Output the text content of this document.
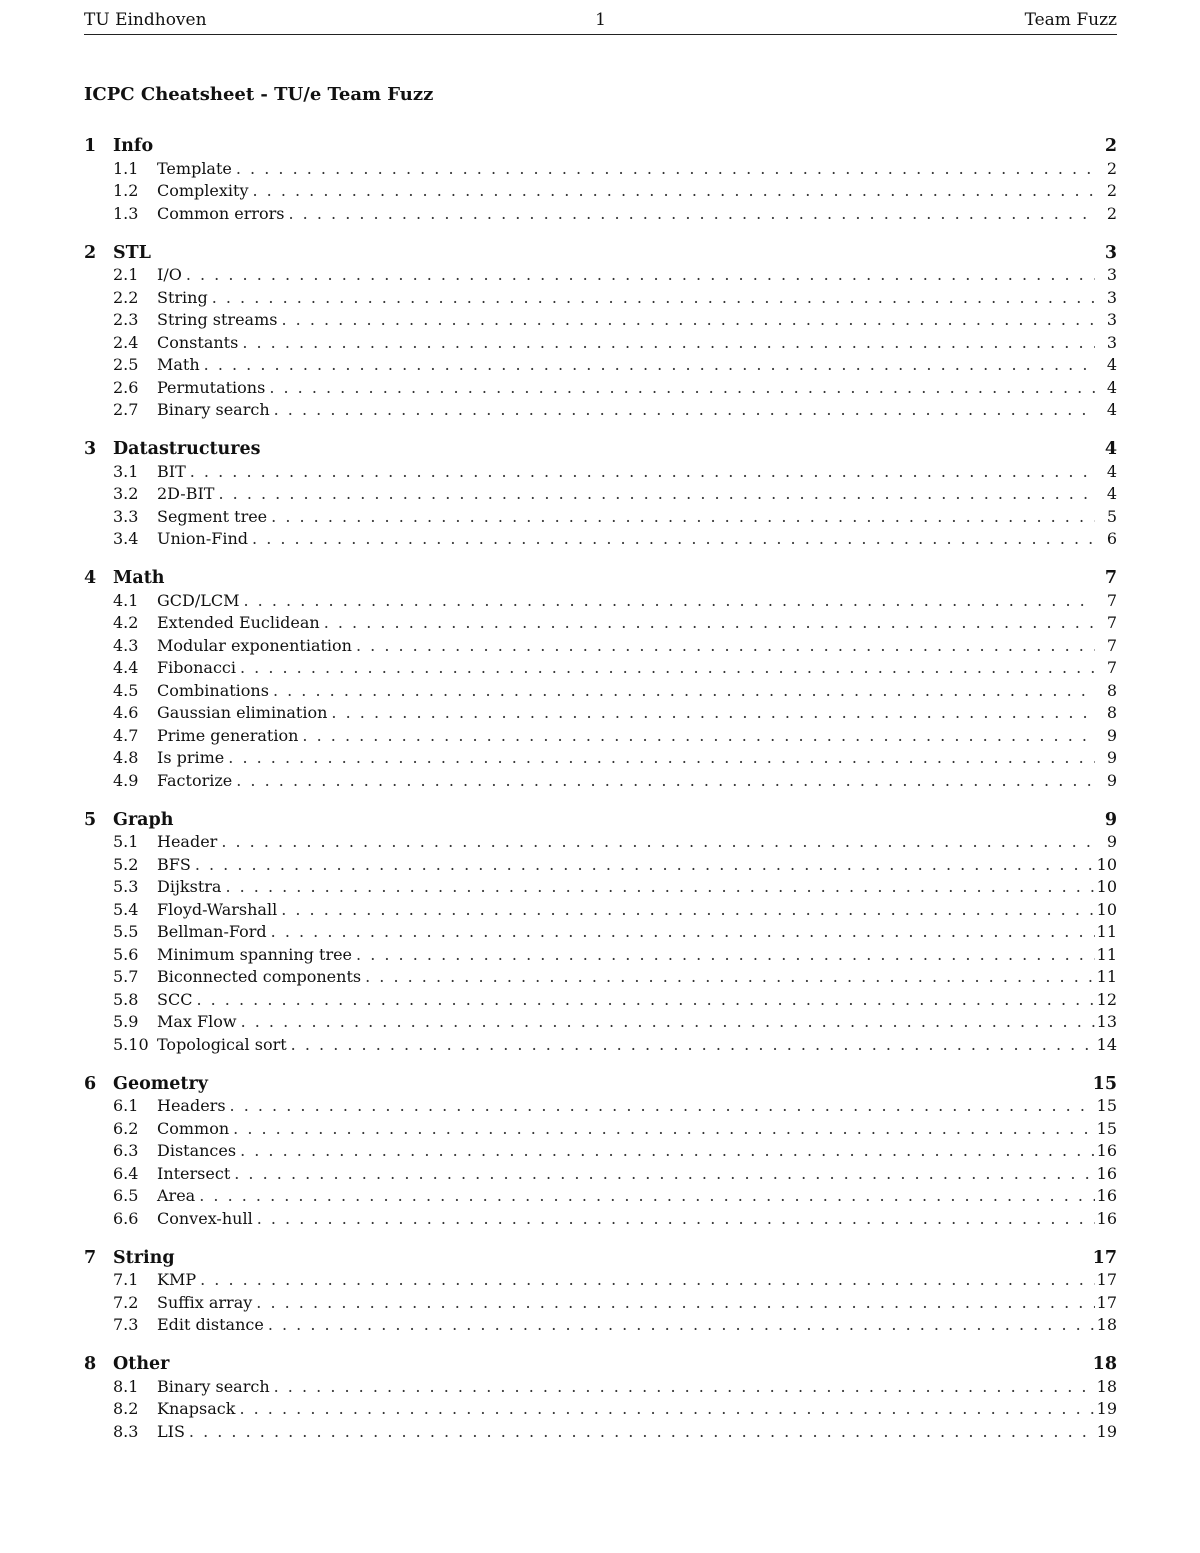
TU Eindhoven	1	Team Fuzz
ICPC Cheatsheet - TU/e Team Fuzz
1 Info	2
1.1	Template . . .	2
1.2	Complexity . . .	2
1.3	Common errors . . .	2
2 STL	3
2.1	I/O . . .	3
2.2	String . . .	3
2.3	String streams . . .	3
2.4	Constants . . .	3
2.5	Math . . .	4
2.6	Permutations . . .	4
2.7	Binary search . . .	4
3 Datastructures	4
3.1	BIT . . .	4
3.2	2D-BIT . . .	4
3.3	Segment tree . . .	5
3.4	Union-Find . . .	6
4 Math	7
4.1	GCD/LCM . . .	7
4.2	Extended Euclidean . . .	7
4.3	Modular exponentiation . . .	7
4.4	Fibonacci . . .	7
4.5	Combinations . . .	8
4.6	Gaussian elimination . . .	8
4.7	Prime generation . . .	9
4.8	Is prime . . .	9
4.9	Factorize . . .	9
5 Graph	9
5.1	Header . . .	9
5.2	BFS . . .	10
5.3	Dijkstra . . .	10
5.4	Floyd-Warshall . . .	10
5.5	Bellman-Ford . . .	11
5.6	Minimum spanning tree . . .	11
5.7	Biconnected components . . .	11
5.8	SCC . . .	12
5.9	Max Flow . . .	13
5.10 Topological sort . . .	14
6 Geometry	15
6.1	Headers . . .	15
6.2	Common . . .	15
6.3	Distances . . .	16
6.4	Intersect . . .	16
6.5	Area . . .	16
6.6	Convex-hull . . .	16
7 String	17
7.1	KMP . . .	17
7.2	Suffix array . . .	17
7.3	Edit distance . . .	18
8 Other	18
8.1	Binary search . . .	18
8.2	Knapsack . . .	19
8.3	LIS . . .	19
